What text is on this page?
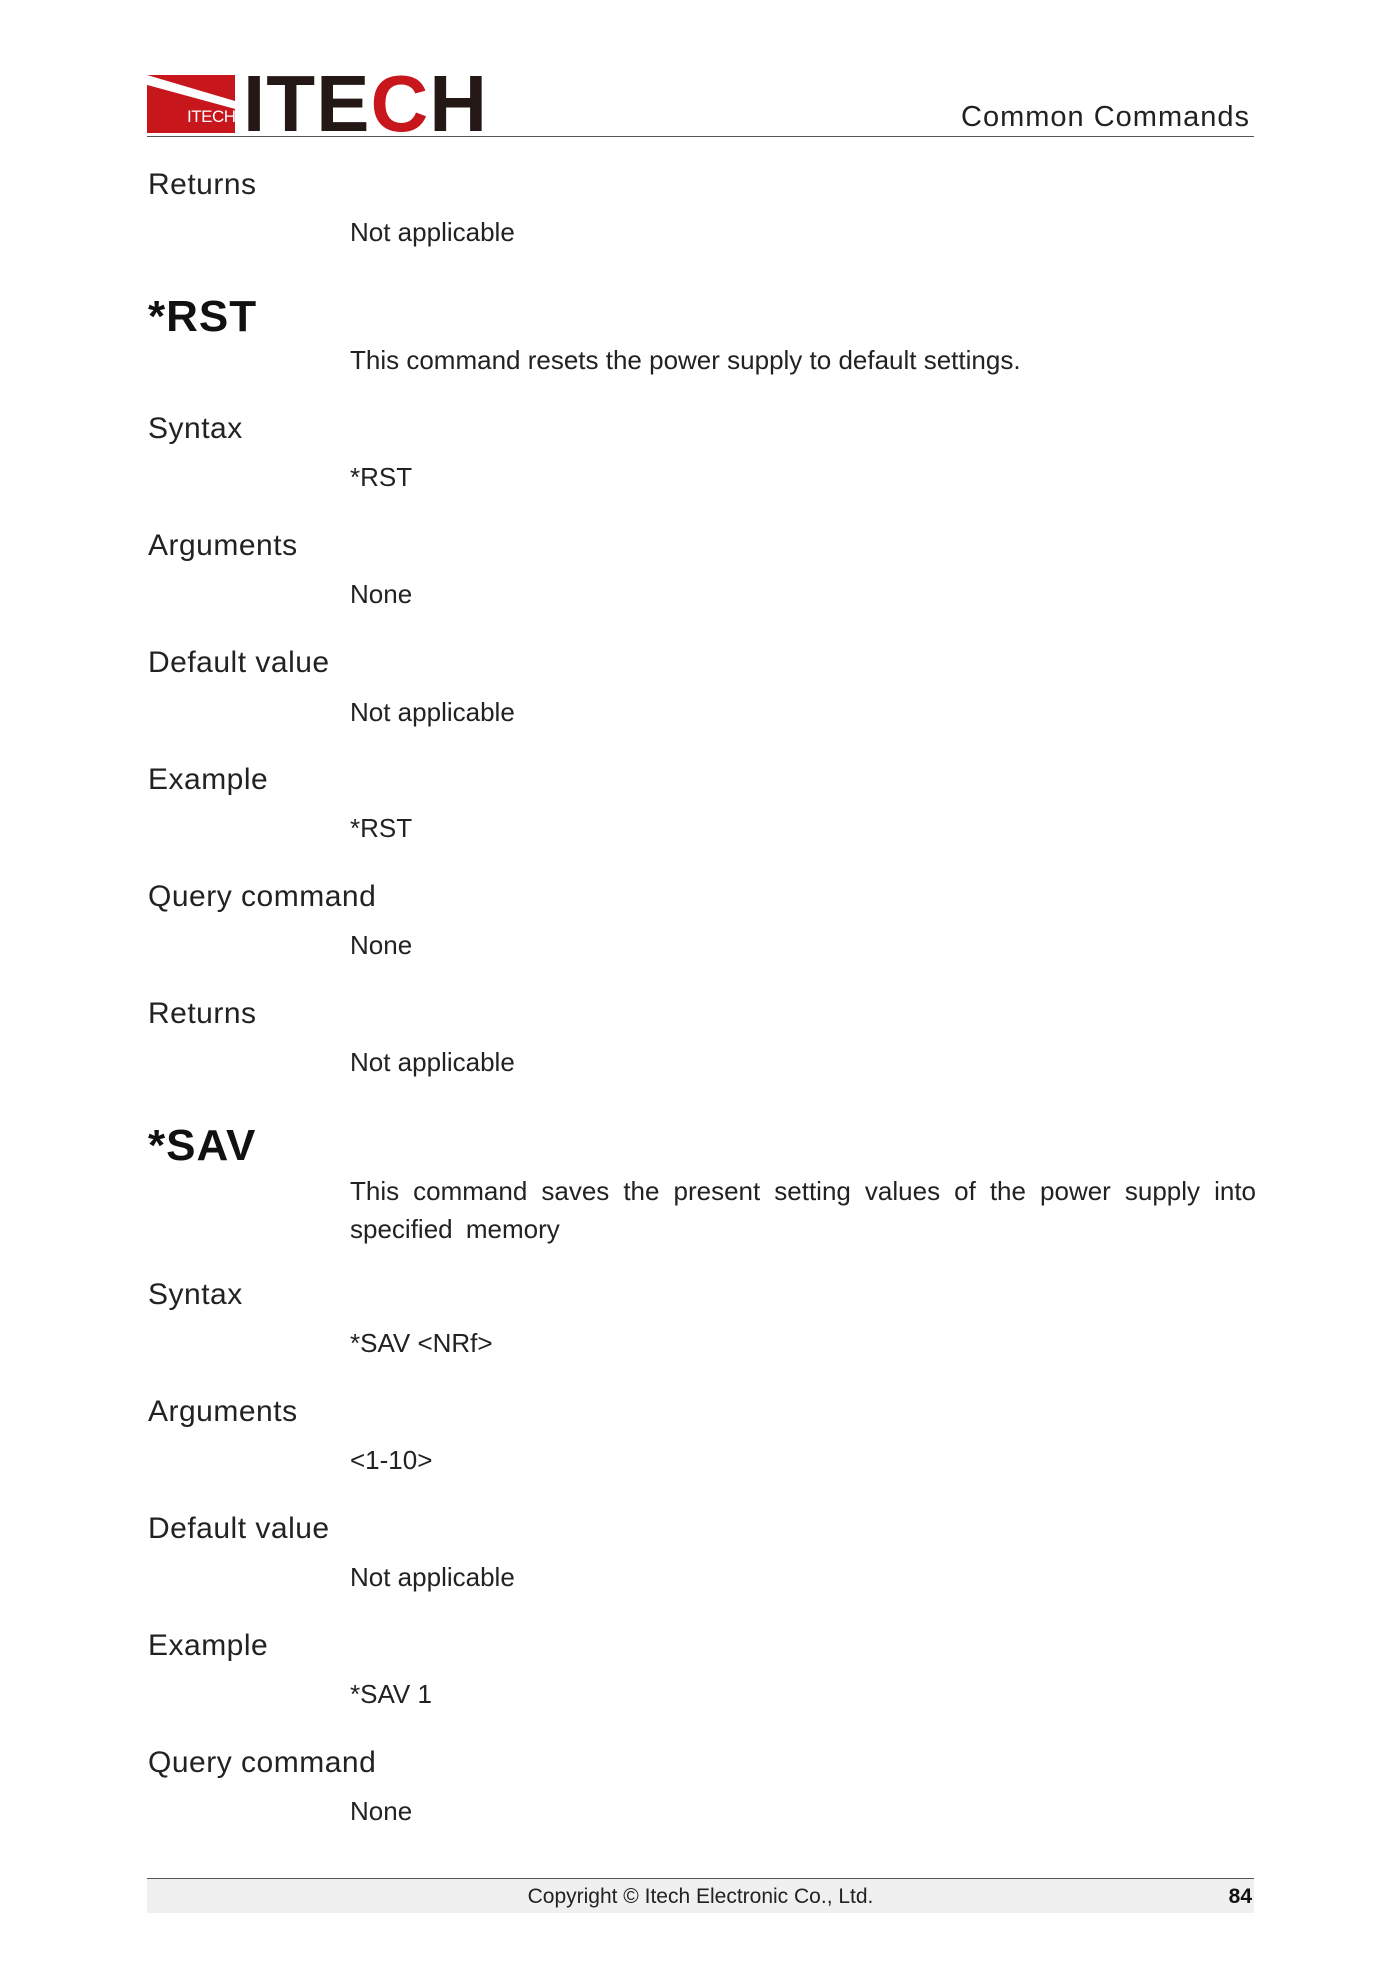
ITECH ITECH	Common Commands
Returns
Not applicable
*RST
This command resets the power supply to default settings.
Syntax
*RST
Arguments
None
Default value
Not applicable
Example
*RST
Query command
None
Returns
Not applicable
*SAV
This command saves the present setting values of the power supply into specified memory
Syntax
*SAV <NRf>
Arguments
<1-10>
Default value
Not applicable
Example
*SAV 1
Query command
None
Copyright © Itech Electronic Co., Ltd.	84
